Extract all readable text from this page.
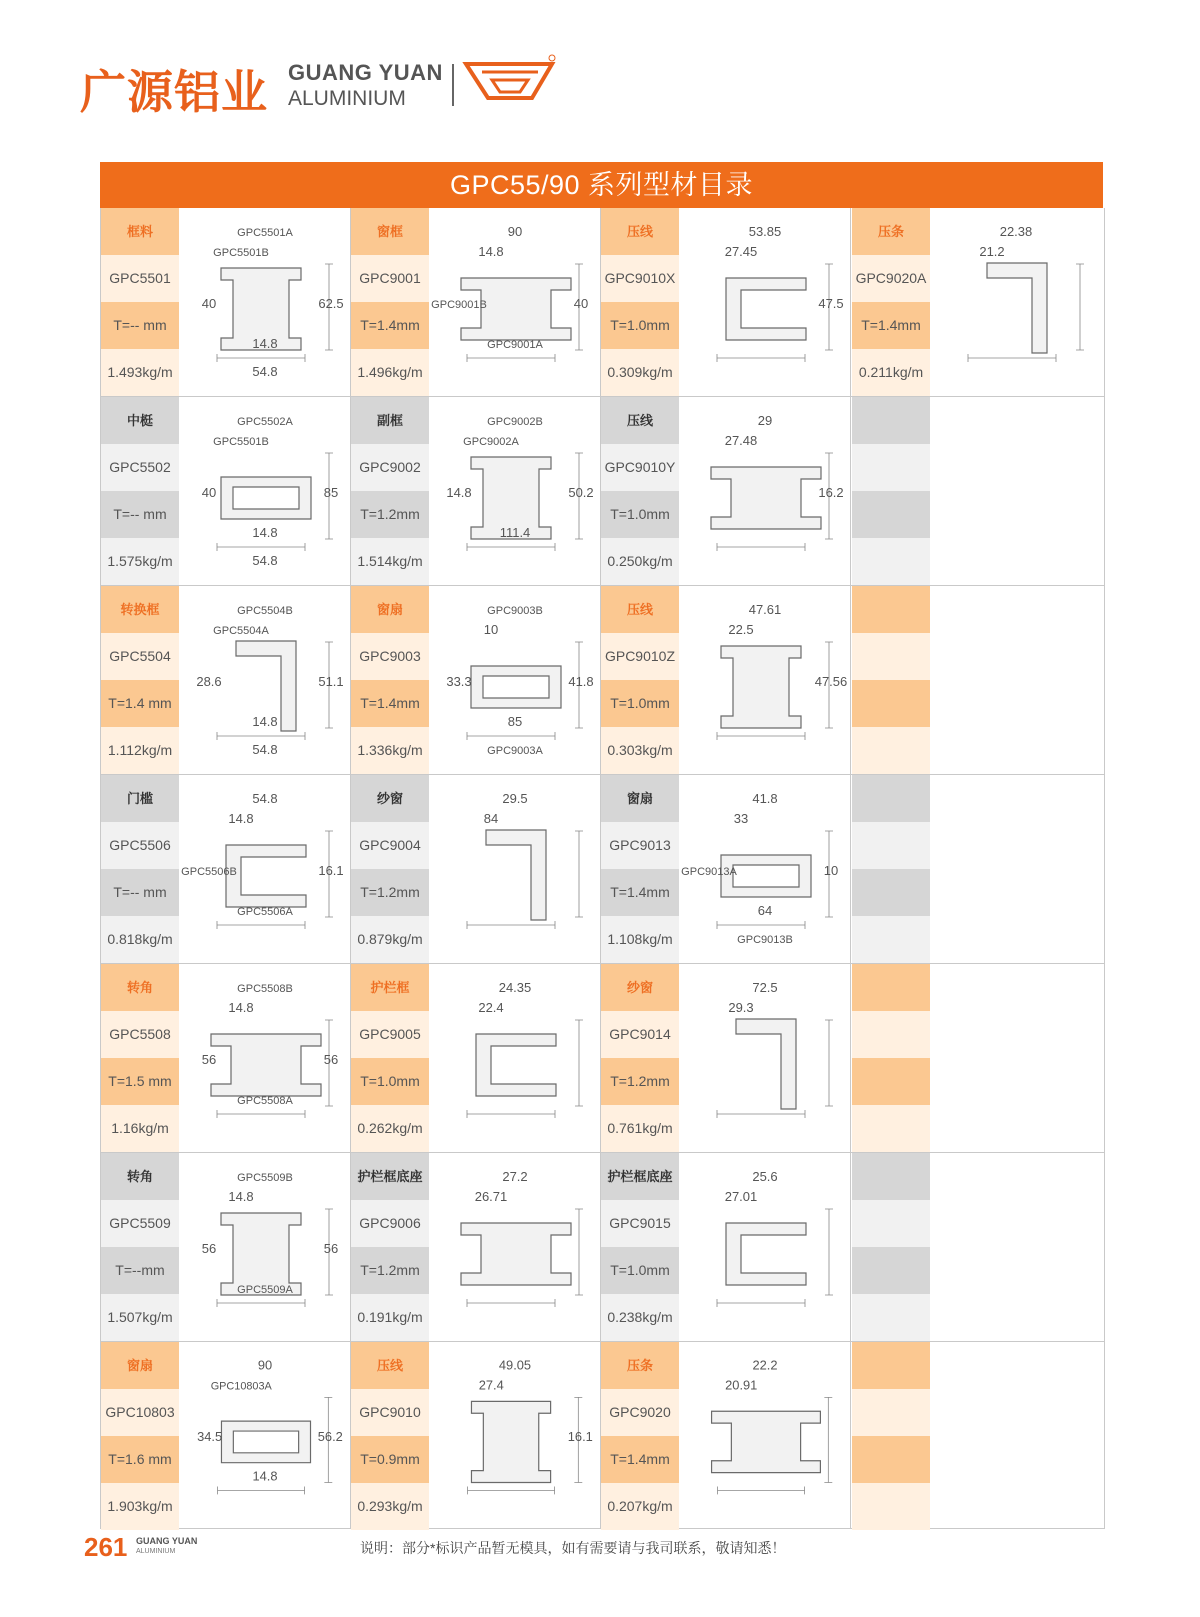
广源铝业 GUANG YUAN
ALUMINIUM
GPC55/90 系列型材目录
框料
GPC5501
T=-- mm
1.493kg/m
GPC5501A
GPC5501B
62.5
40
14.8
54.8
窗框
GPC9001
T=1.4mm
1.496kg/m
90
14.8
40
GPC9001B
GPC9001A
压线
GPC9010X
T=1.0mm
0.309kg/m
53.85
27.45
47.5
压条
GPC9020A
T=1.4mm
0.211kg/m
22.38
21.2
中梃
GPC5502
T=-- mm
1.575kg/m
GPC5502A
GPC5501B
85
40
14.8
54.8
副框
GPC9002
T=1.2mm
1.514kg/m
GPC9002B
GPC9002A
50.2
14.8
111.4
压线
GPC9010Y
T=1.0mm
0.250kg/m
29
27.48
16.2
转换框
GPC5504
T=1.4 mm
1.112kg/m
GPC5504B
GPC5504A
51.1
28.6
14.8
54.8
窗扇
GPC9003
T=1.4mm
1.336kg/m
GPC9003B
10
41.8
33.3
85
GPC9003A
压线
GPC9010Z
T=1.0mm
0.303kg/m
47.61
22.5
47.56
门槛
GPC5506
T=-- mm
0.818kg/m
54.8
14.8
16.1
GPC5506B
GPC5506A
纱窗
GPC9004
T=1.2mm
0.879kg/m
29.5
84
窗扇
GPC9013
T=1.4mm
1.108kg/m
41.8
33
10
GPC9013A
64
GPC9013B
转角
GPC5508
T=1.5 mm
1.16kg/m
GPC5508B
14.8
56
56
GPC5508A
护栏框
GPC9005
T=1.0mm
0.262kg/m
24.35
22.4
纱窗
GPC9014
T=1.2mm
0.761kg/m
72.5
29.3
转角
GPC5509
T=--mm
1.507kg/m
GPC5509B
14.8
56
56
GPC5509A
护栏框底座
GPC9006
T=1.2mm
0.191kg/m
27.2
26.71
护栏框底座
GPC9015
T=1.0mm
0.238kg/m
25.6
27.01
窗扇
GPC10803
T=1.6 mm
1.903kg/m
90
GPC10803A
56.2
34.5
14.8
压线
GPC9010
T=0.9mm
0.293kg/m
49.05
27.4
16.1
压条
GPC9020
T=1.4mm
0.207kg/m
22.2
20.91
261 GUANG YUAN
ALUMINIUM	说明：部分*标识产品暂无模具，如有需要请与我司联系，敬请知悉！
